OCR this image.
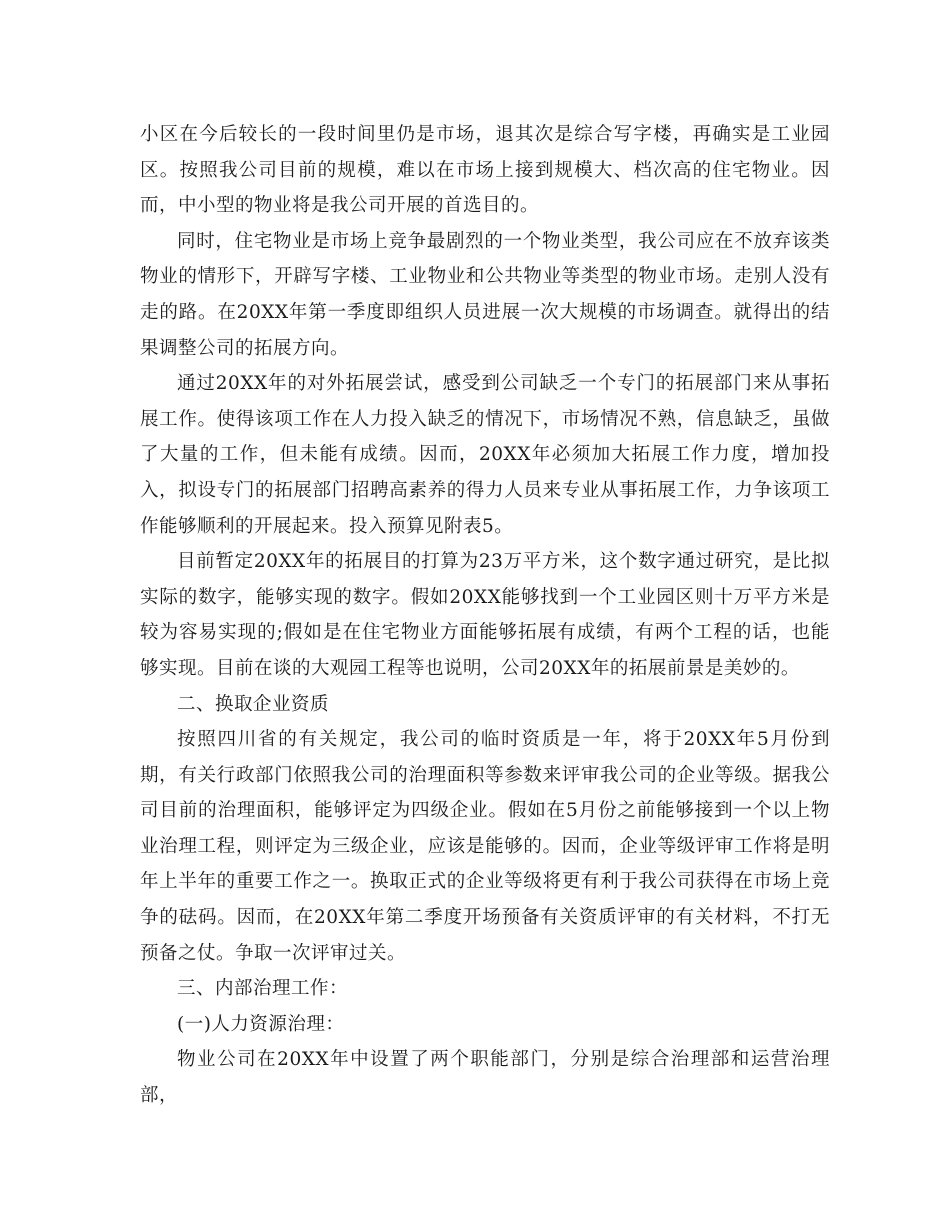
小区在今后较长的一段时间里仍是市场，退其次是综合写字楼，再确实是工业园区。按照我公司目前的规模，难以在市场上接到规模大、档次高的住宅物业。因而，中小型的物业将是我公司开展的首选目的。

同时，住宅物业是市场上竞争最剧烈的一个物业类型，我公司应在不放弃该类物业的情形下，开辟写字楼、工业物业和公共物业等类型的物业市场。走别人没有走的路。在20XX年第一季度即组织人员进展一次大规模的市场调查。就得出的结果调整公司的拓展方向。

通过20XX年的对外拓展尝试，感受到公司缺乏一个专门的拓展部门来从事拓展工作。使得该项工作在人力投入缺乏的情况下，市场情况不熟，信息缺乏，虽做了大量的工作，但未能有成绩。因而，20XX年必须加大拓展工作力度，增加投入，拟设专门的拓展部门招聘高素养的得力人员来专业从事拓展工作，力争该项工作能够顺利的开展起来。投入预算见附表5。

目前暂定20XX年的拓展目的打算为23万平方米，这个数字通过研究，是比拟实际的数字，能够实现的数字。假如20XX能够找到一个工业园区则十万平方米是较为容易实现的;假如是在住宅物业方面能够拓展有成绩，有两个工程的话，也能够实现。目前在谈的大观园工程等也说明，公司20XX年的拓展前景是美妙的。

二、换取企业资质

按照四川省的有关规定，我公司的临时资质是一年，将于20XX年5月份到期，有关行政部门依照我公司的治理面积等参数来评审我公司的企业等级。据我公司目前的治理面积，能够评定为四级企业。假如在5月份之前能够接到一个以上物业治理工程，则评定为三级企业，应该是能够的。因而，企业等级评审工作将是明年上半年的重要工作之一。换取正式的企业等级将更有利于我公司获得在市场上竞争的砝码。因而，在20XX年第二季度开场预备有关资质评审的有关材料，不打无预备之仗。争取一次评审过关。

三、内部治理工作：

(一)人力资源治理：

物业公司在20XX年中设置了两个职能部门，分别是综合治理部和运营治理部，
